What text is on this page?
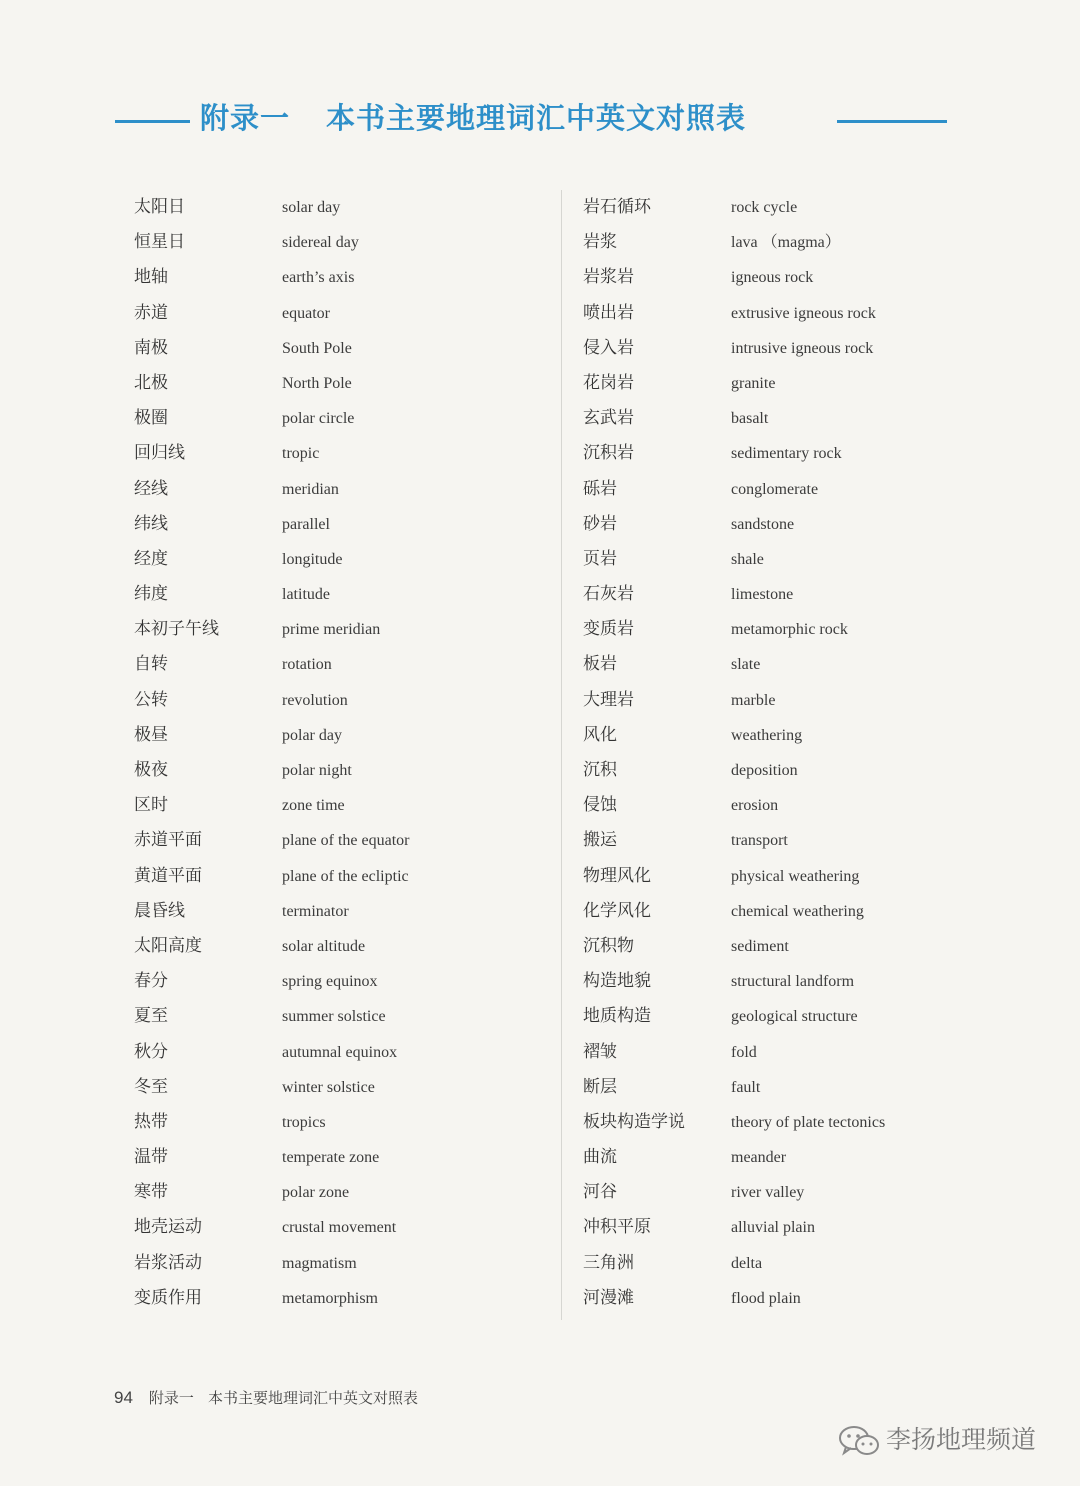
附录一 本书主要地理词汇中英文对照表
太阳日	solar day
恒星日	sidereal day
地轴	earth’s axis
赤道	equator
南极	South Pole
北极	North Pole
极圈	polar circle
回归线	tropic
经线	meridian
纬线	parallel
经度	longitude
纬度	latitude
本初子午线	prime meridian
自转	rotation
公转	revolution
极昼	polar day
极夜	polar night
区时	zone time
赤道平面	plane of the equator
黄道平面	plane of the ecliptic
晨昏线	terminator
太阳高度	solar altitude
春分	spring equinox
夏至	summer solstice
秋分	autumnal equinox
冬至	winter solstice
热带	tropics
温带	temperate zone
寒带	polar zone
地壳运动	crustal movement
岩浆活动	magmatism
变质作用	metamorphism
岩石循环	rock cycle
岩浆	lava （magma）
岩浆岩	igneous rock
喷出岩	extrusive igneous rock
侵入岩	intrusive igneous rock
花岗岩	granite
玄武岩	basalt
沉积岩	sedimentary rock
砾岩	conglomerate
砂岩	sandstone
页岩	shale
石灰岩	limestone
变质岩	metamorphic rock
板岩	slate
大理岩	marble
风化	weathering
沉积	deposition
侵蚀	erosion
搬运	transport
物理风化	physical weathering
化学风化	chemical weathering
沉积物	sediment
构造地貌	structural landform
地质构造	geological structure
褶皱	fold
断层	fault
板块构造学说	theory of plate tectonics
曲流	meander
河谷	river valley
冲积平原	alluvial plain
三角洲	delta
河漫滩	flood plain
94 附录一 本书主要地理词汇中英文对照表
李扬地理频道
